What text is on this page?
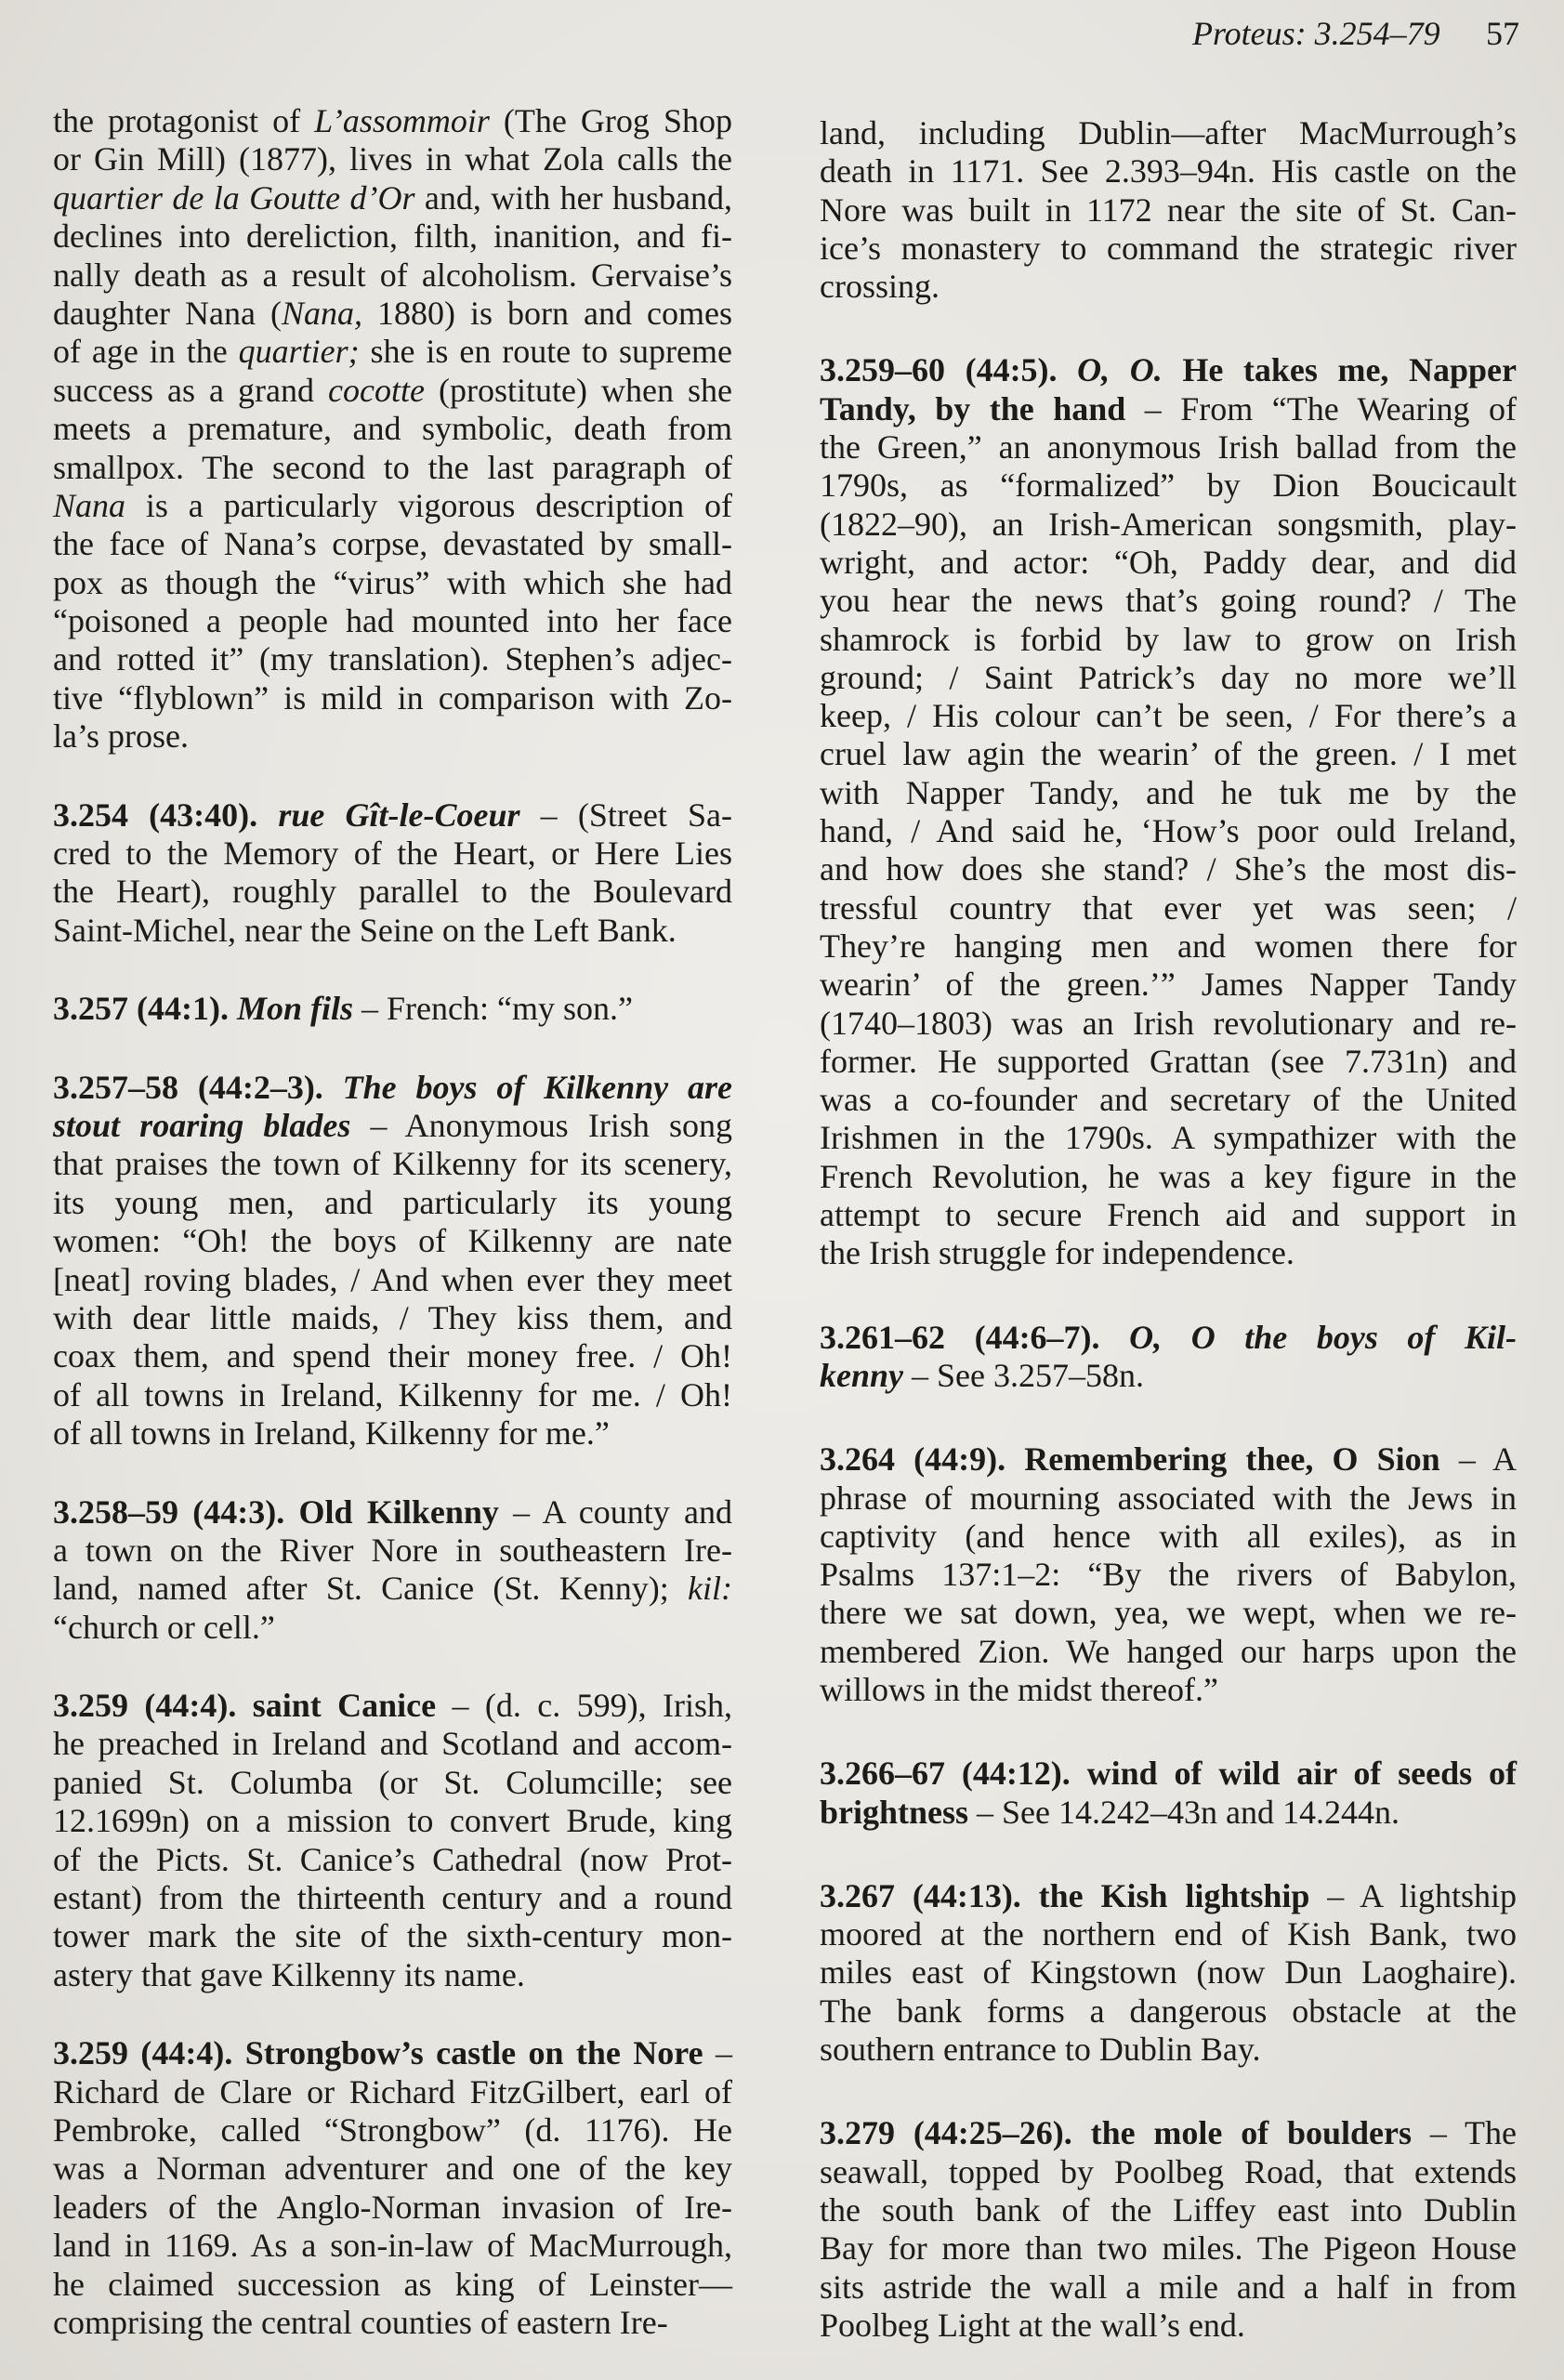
Proteus: 3.254–79 57
the protagonist of L’assommoir (The Grog Shop
or Gin Mill) (1877), lives in what Zola calls the
quartier de la Goutte d’Or and, with her husband,
declines into dereliction, filth, inanition, and fi-
nally death as a result of alcoholism. Gervaise’s
daughter Nana (Nana, 1880) is born and comes
of age in the quartier; she is en route to supreme
success as a grand cocotte (prostitute) when she
meets a premature, and symbolic, death from
smallpox. The second to the last paragraph of
Nana is a particularly vigorous description of
the face of Nana’s corpse, devastated by small-
pox as though the “virus” with which she had
“poisoned a people had mounted into her face
and rotted it” (my translation). Stephen’s adjec-
tive “flyblown” is mild in comparison with Zo-
la’s prose.
3.254 (43:40). rue Gît-le-Coeur – (Street Sa-
cred to the Memory of the Heart, or Here Lies
the Heart), roughly parallel to the Boulevard
Saint-Michel, near the Seine on the Left Bank.
3.257 (44:1). Mon fils – French: “my son.”
3.257–58 (44:2–3). The boys of Kilkenny are
stout roaring blades – Anonymous Irish song
that praises the town of Kilkenny for its scenery,
its young men, and particularly its young
women: “Oh! the boys of Kilkenny are nate
[neat] roving blades, / And when ever they meet
with dear little maids, / They kiss them, and
coax them, and spend their money free. / Oh!
of all towns in Ireland, Kilkenny for me. / Oh!
of all towns in Ireland, Kilkenny for me.”
3.258–59 (44:3). Old Kilkenny – A county and
a town on the River Nore in southeastern Ire-
land, named after St. Canice (St. Kenny); kil:
“church or cell.”
3.259 (44:4). saint Canice – (d. c. 599), Irish,
he preached in Ireland and Scotland and accom-
panied St. Columba (or St. Columcille; see
12.1699n) on a mission to convert Brude, king
of the Picts. St. Canice’s Cathedral (now Prot-
estant) from the thirteenth century and a round
tower mark the site of the sixth-century mon-
astery that gave Kilkenny its name.
3.259 (44:4). Strongbow’s castle on the Nore –
Richard de Clare or Richard FitzGilbert, earl of
Pembroke, called “Strongbow” (d. 1176). He
was a Norman adventurer and one of the key
leaders of the Anglo-Norman invasion of Ire-
land in 1169. As a son-in-law of MacMurrough,
he claimed succession as king of Leinster—
comprising the central counties of eastern Ire-
land, including Dublin—after MacMurrough’s
death in 1171. See 2.393–94n. His castle on the
Nore was built in 1172 near the site of St. Can-
ice’s monastery to command the strategic river
crossing.
3.259–60 (44:5). O, O. He takes me, Napper
Tandy, by the hand – From “The Wearing of
the Green,” an anonymous Irish ballad from the
1790s, as “formalized” by Dion Boucicault
(1822–90), an Irish-American songsmith, play-
wright, and actor: “Oh, Paddy dear, and did
you hear the news that’s going round? / The
shamrock is forbid by law to grow on Irish
ground; / Saint Patrick’s day no more we’ll
keep, / His colour can’t be seen, / For there’s a
cruel law agin the wearin’ of the green. / I met
with Napper Tandy, and he tuk me by the
hand, / And said he, ‘How’s poor ould Ireland,
and how does she stand? / She’s the most dis-
tressful country that ever yet was seen; /
They’re hanging men and women there for
wearin’ of the green.’” James Napper Tandy
(1740–1803) was an Irish revolutionary and re-
former. He supported Grattan (see 7.731n) and
was a co-founder and secretary of the United
Irishmen in the 1790s. A sympathizer with the
French Revolution, he was a key figure in the
attempt to secure French aid and support in
the Irish struggle for independence.
3.261–62 (44:6–7). O, O the boys of Kil-
kenny – See 3.257–58n.
3.264 (44:9). Remembering thee, O Sion – A
phrase of mourning associated with the Jews in
captivity (and hence with all exiles), as in
Psalms 137:1–2: “By the rivers of Babylon,
there we sat down, yea, we wept, when we re-
membered Zion. We hanged our harps upon the
willows in the midst thereof.”
3.266–67 (44:12). wind of wild air of seeds of
brightness – See 14.242–43n and 14.244n.
3.267 (44:13). the Kish lightship – A lightship
moored at the northern end of Kish Bank, two
miles east of Kingstown (now Dun Laoghaire).
The bank forms a dangerous obstacle at the
southern entrance to Dublin Bay.
3.279 (44:25–26). the mole of boulders – The
seawall, topped by Poolbeg Road, that extends
the south bank of the Liffey east into Dublin
Bay for more than two miles. The Pigeon House
sits astride the wall a mile and a half in from
Poolbeg Light at the wall’s end.
